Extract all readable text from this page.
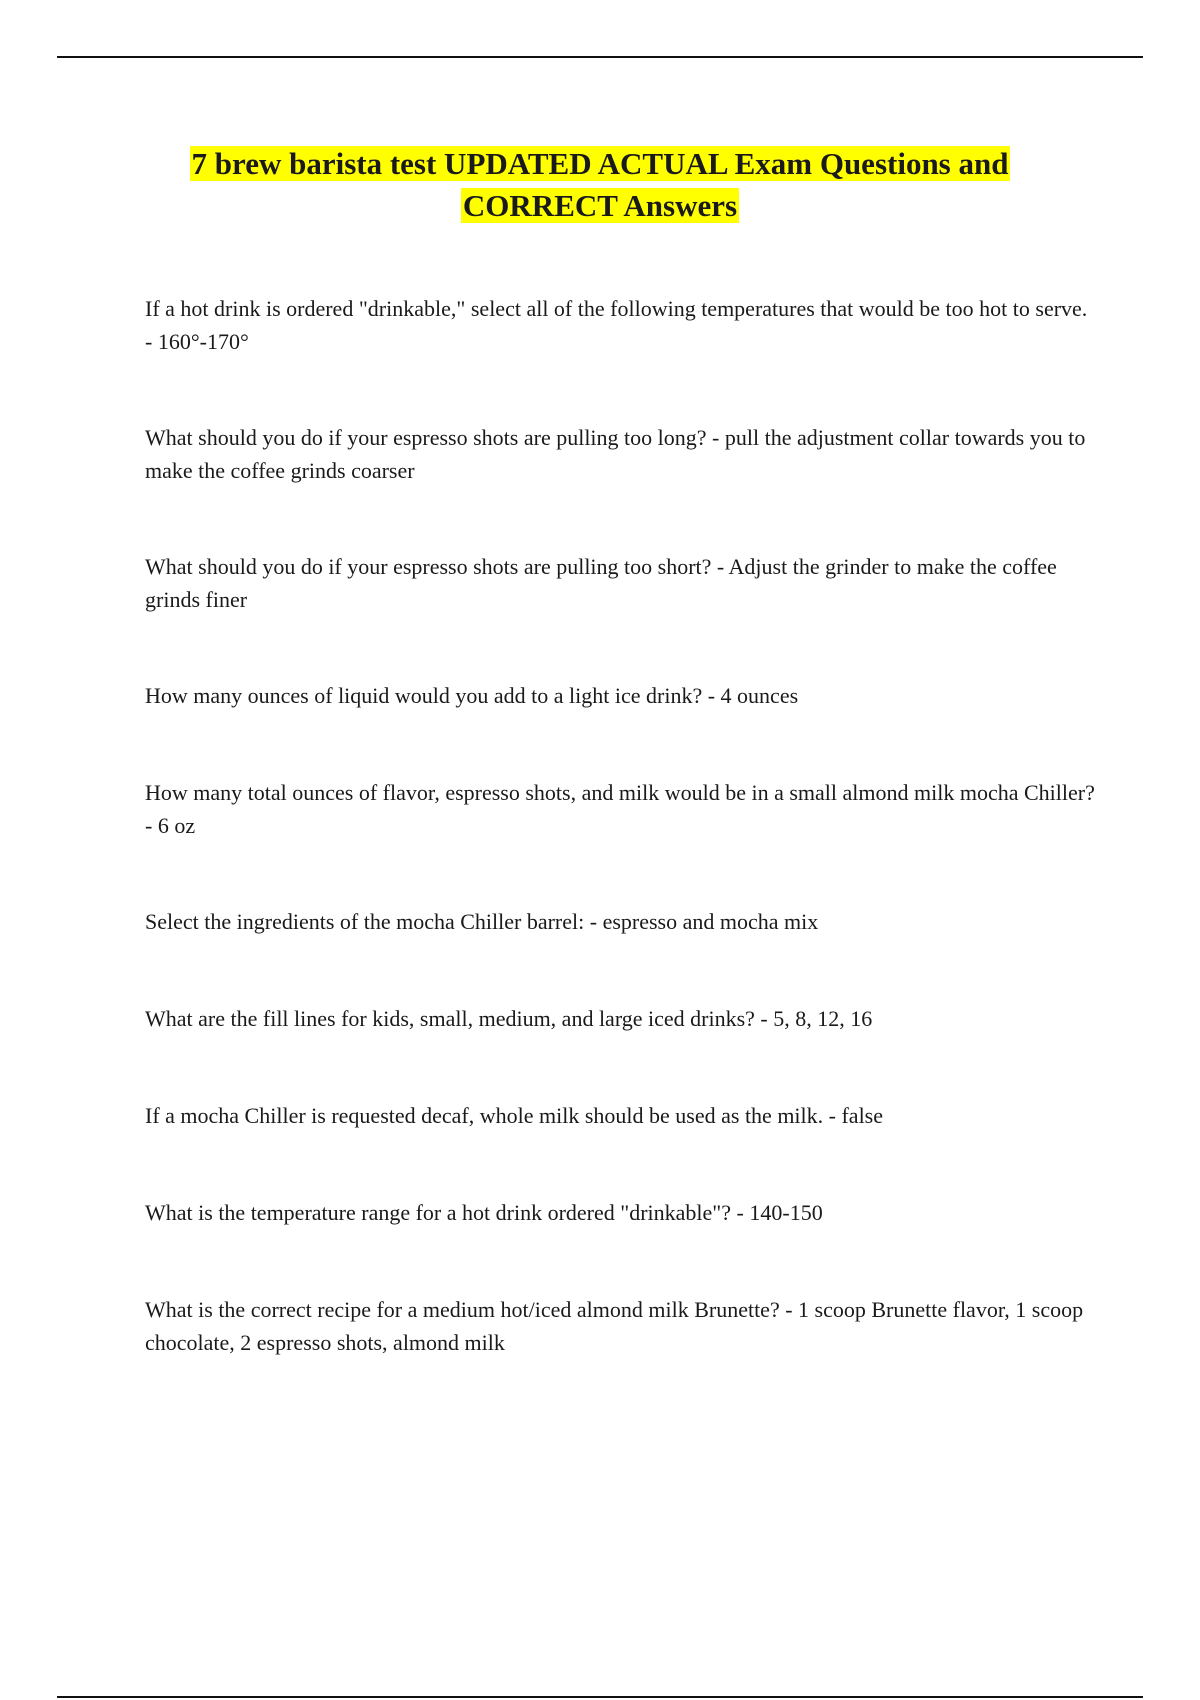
7 brew barista test UPDATED ACTUAL Exam Questions and
CORRECT Answers
If a hot drink is ordered "drinkable," select all of the following temperatures that would be too hot to serve. - 160°-170°
What should you do if your espresso shots are pulling too long? - pull the adjustment collar towards you to make the coffee grinds coarser
What should you do if your espresso shots are pulling too short? - Adjust the grinder to make the coffee grinds finer
How many ounces of liquid would you add to a light ice drink? - 4 ounces
How many total ounces of flavor, espresso shots, and milk would be in a small almond milk mocha Chiller? - 6 oz
Select the ingredients of the mocha Chiller barrel: - espresso and mocha mix
What are the fill lines for kids, small, medium, and large iced drinks? - 5, 8, 12, 16
If a mocha Chiller is requested decaf, whole milk should be used as the milk. - false
What is the temperature range for a hot drink ordered "drinkable"? - 140-150
What is the correct recipe for a medium hot/iced almond milk Brunette? - 1 scoop Brunette flavor, 1 scoop chocolate, 2 espresso shots, almond milk
